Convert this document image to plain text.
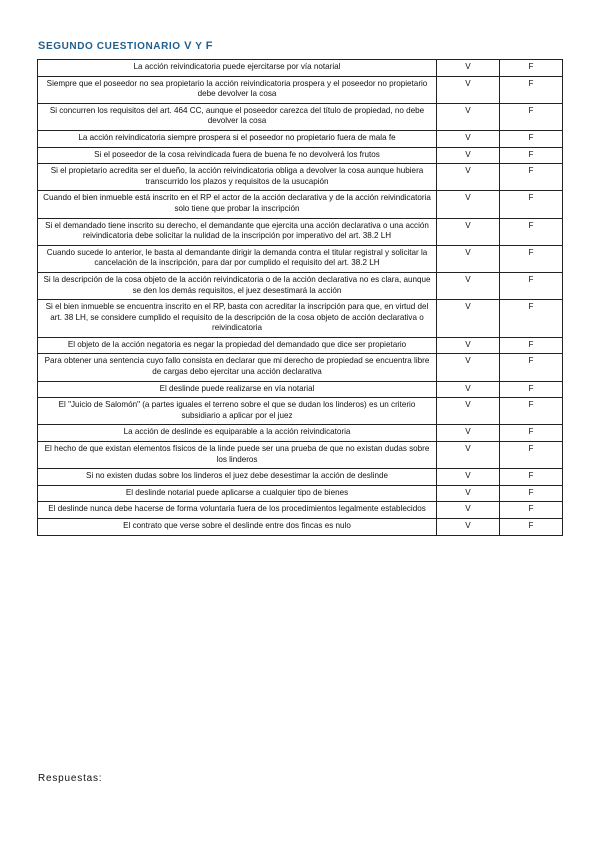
SEGUNDO CUESTIONARIO V Y F
La acción reivindicatoria puede ejercitarse por vía notarial	V	F
Siempre que el poseedor no sea propietario la acción reivindicatoria prospera y el poseedor no propietario debe devolver la cosa	V	F
Si concurren los requisitos del art. 464 CC, aunque el poseedor carezca del título de propiedad, no debe devolver la cosa	V	F
La acción reivindicatoria siempre prospera si el poseedor no propietario fuera de mala fe	V	F
Si el poseedor de la cosa reivindicada fuera de buena fe no devolverá los frutos	V	F
Si el propietario acredita ser el dueño, la acción reivindicatoria obliga a devolver la cosa aunque hubiera transcurrido los plazos y requisitos de la usucapión	V	F
Cuando el bien inmueble está inscrito en el RP el actor de la acción declarativa y de la acción reivindicatoria solo tiene que probar la inscripción	V	F
Si el demandado tiene inscrito su derecho, el demandante que ejercita una acción declarativa o una acción reivindicatoria debe solicitar la nulidad de la inscripción por imperativo del art. 38.2 LH	V	F
Cuando sucede lo anterior, le basta al demandante dirigir la demanda contra el titular registral y solicitar la cancelación de la inscripción, para dar por cumplido el requisito del art. 38.2 LH	V	F
Si la descripción de la cosa objeto de la acción reivindicatoria o de la acción declarativa no es clara, aunque se den los demás requisitos, el juez desestimará la acción	V	F
Si el bien inmueble se encuentra inscrito en el RP, basta con acreditar la inscripción para que, en virtud del art. 38 LH, se considere cumplido el requisito de la descripción de la cosa objeto de acción declarativa o reivindicatoria	V	F
El objeto de la acción negatoria es negar la propiedad del demandado que dice ser propietario	V	F
Para obtener una sentencia cuyo fallo consista en declarar que mi derecho de propiedad se encuentra libre de cargas debo ejercitar una acción declarativa	V	F
El deslinde puede realizarse en vía notarial	V	F
El "Juicio de Salomón" (a partes iguales el terreno sobre el que se dudan los linderos) es un criterio subsidiario a aplicar por el juez	V	F
La acción de deslinde es equiparable a la acción reivindicatoria	V	F
El hecho de que existan elementos físicos de la linde puede ser una prueba de que no existan dudas sobre los linderos	V	F
Si no existen dudas sobre los linderos el juez debe desestimar la acción de deslinde	V	F
El deslinde notarial puede aplicarse a cualquier tipo de bienes	V	F
El deslinde nunca debe hacerse de forma voluntaria fuera de los procedimientos legalmente establecidos	V	F
El contrato que verse sobre el deslinde entre dos fincas es nulo	V	F
Respuestas:
